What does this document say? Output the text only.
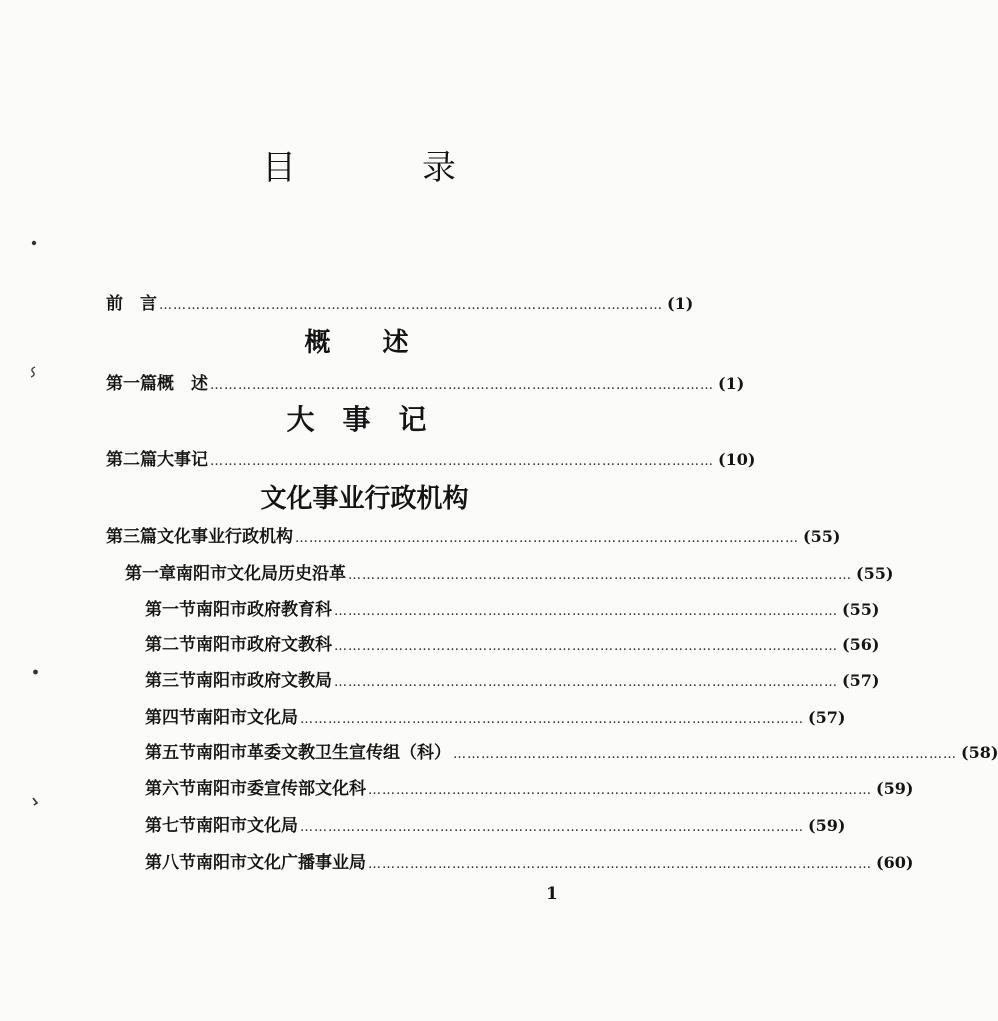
目	录
前　言 ……………………………………………………………………………………………… (1)
概　　述
第一篇 概　述 ……………………………………………………………………………………………… (1)
大　事　记
第二篇 大事记 ……………………………………………………………………………………………… (10)
文化事业行政机构
第三篇 文化事业行政机构 ……………………………………………………………………………………………… (55)
第一章 南阳市文化局历史沿革 ……………………………………………………………………………………………… (55)
第一节 南阳市政府教育科 ……………………………………………………………………………………………… (55)
第二节 南阳市政府文教科 ……………………………………………………………………………………………… (56)
第三节 南阳市政府文教局 ……………………………………………………………………………………………… (57)
第四节 南阳市文化局 ……………………………………………………………………………………………… (57)
第五节 南阳市革委文教卫生宣传组（科） ……………………………………………………………………………………………… (58)
第六节 南阳市委宣传部文化科 ……………………………………………………………………………………………… (59)
第七节 南阳市文化局 ……………………………………………………………………………………………… (59)
第八节 南阳市文化广播事业局 ……………………………………………………………………………………………… (60)
1
